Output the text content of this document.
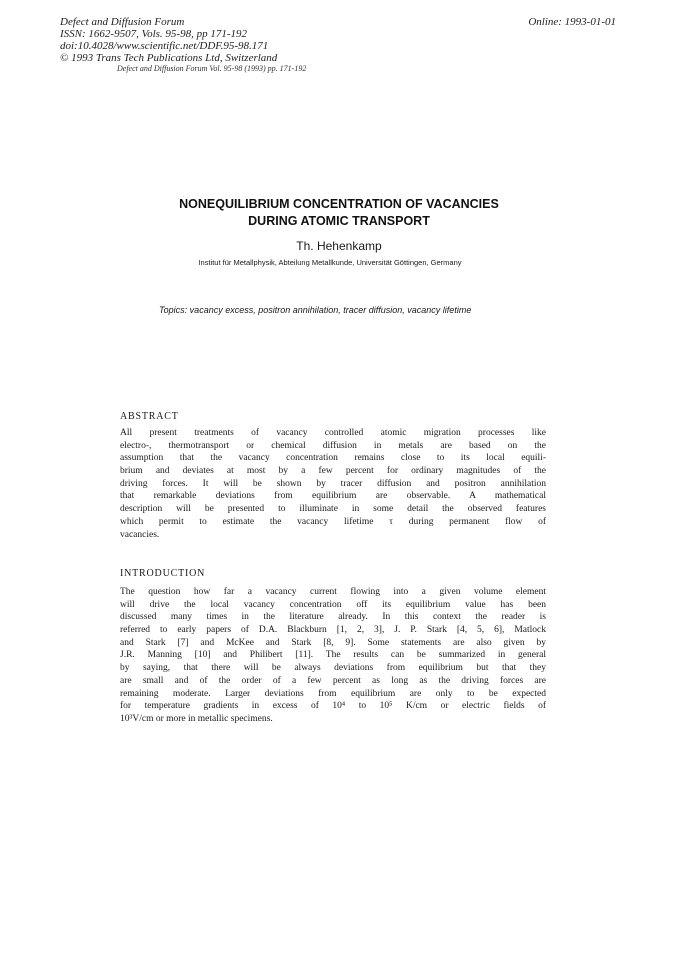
Defect and Diffusion Forum
ISSN: 1662-9507, Vols. 95-98, pp 171-192
doi:10.4028/www.scientific.net/DDF.95-98.171
© 1993 Trans Tech Publications Ltd, Switzerland
Online: 1993-01-01
Defect and Diffusion Forum Vol. 95-98 (1993) pp. 171-192
NONEQUILIBRIUM CONCENTRATION OF VACANCIES
DURING ATOMIC TRANSPORT
Th. Hehenkamp
Institut für Metallphysik, Abteilung Metallkunde, Universität Göttingen, Germany
Topics: vacancy excess, positron annihilation, tracer diffusion, vacancy lifetime
ABSTRACT
All present treatments of vacancy controlled atomic migration processes like
electro-, thermotransport or chemical diffusion in metals are based on the
assumption that the vacancy concentration remains close to its local equili-
brium and deviates at most by a few percent for ordinary magnitudes of the
driving forces. It will be shown by tracer diffusion and positron annihilation
that remarkable deviations from equilibrium are observable. A mathematical
description will be presented to illuminate in some detail the observed features
which permit to estimate the vacancy lifetime τ during permanent flow of
vacancies.
INTRODUCTION
The question how far a vacancy current flowing into a given volume element
will drive the local vacancy concentration off its equilibrium value has been
discussed many times in the literature already. In this context the reader is
referred to early papers of D.A. Blackburn [1, 2, 3], J. P. Stark [4, 5, 6], Matlock
and Stark [7] and McKee and Stark [8, 9]. Some statements are also given by
J.R. Manning [10] and Philibert [11]. The results can be summarized in general
by saying, that there will be always deviations from equilibrium but that they
are small and of the order of a few percent as long as the driving forces are
remaining moderate. Larger deviations from equilibrium are only to be expected
for temperature gradients in excess of 10⁴ to 10⁵ K/cm or electric fields of
10³V/cm or more in metallic specimens.
